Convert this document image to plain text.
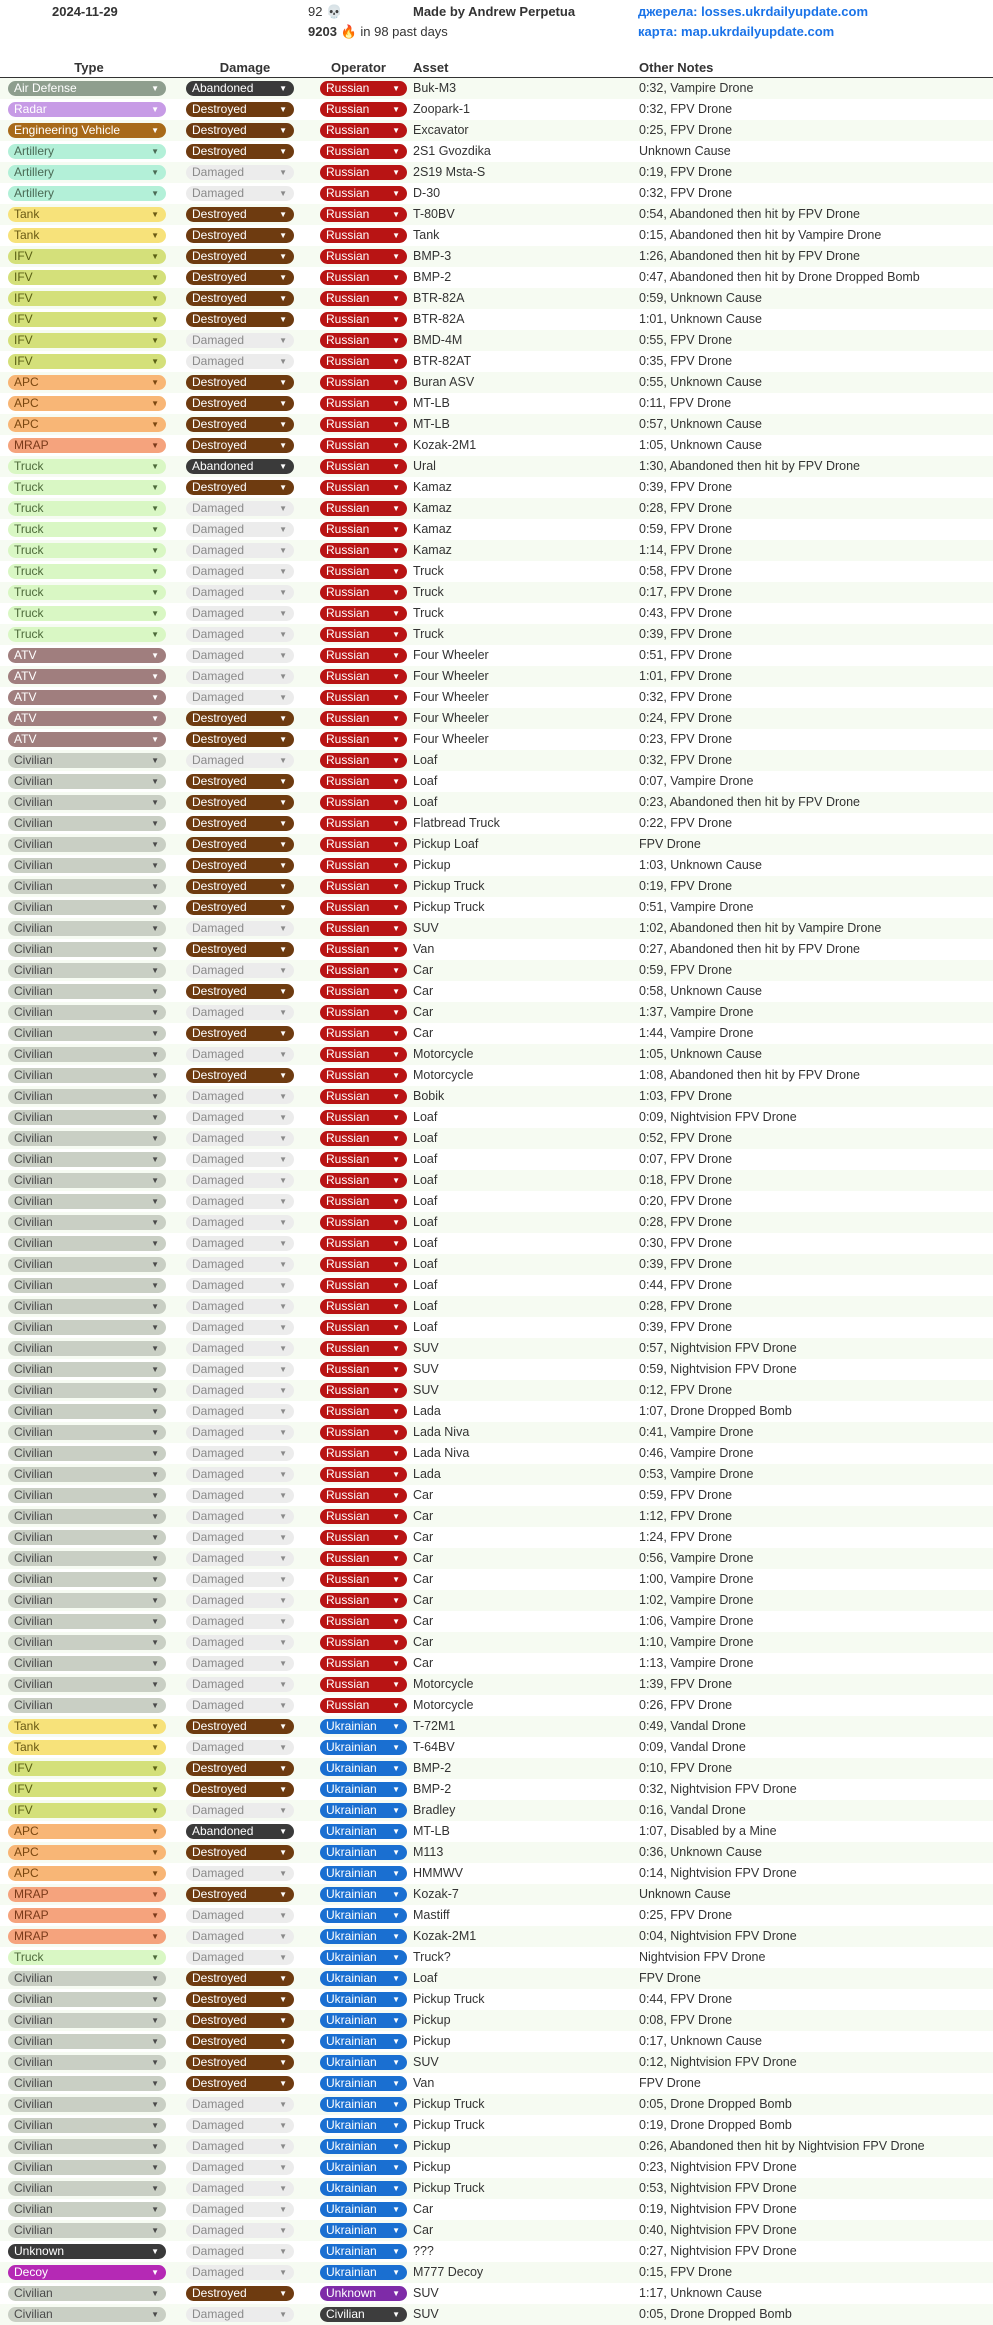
2024-11-29	92 💀	Made by Andrew Perpetua
9203 🔥 in 98 past days
джерела: losses.ukrdailyupdate.com
карта: map.ukrdailyupdate.com
Type	Damage	Operator	Asset	Other Notes
Air Defense	▼	Abandoned	▼	Russian	▼	Buk-M3	0:32, Vampire Drone
Radar	▼	Destroyed	▼	Russian	▼	Zoopark-1	0:32, FPV Drone
Engineering Vehicle	▼	Destroyed	▼	Russian	▼	Excavator	0:25, FPV Drone
Artillery	▼	Destroyed	▼	Russian	▼	2S1 Gvozdika	Unknown Cause
Artillery	▼	Damaged	▼	Russian	▼	2S19 Msta-S	0:19, FPV Drone
Artillery	▼	Damaged	▼	Russian	▼	D-30	0:32, FPV Drone
Tank	▼	Destroyed	▼	Russian	▼	T-80BV	0:54, Abandoned then hit by FPV Drone
Tank	▼	Destroyed	▼	Russian	▼	Tank	0:15, Abandoned then hit by Vampire Drone
IFV	▼	Destroyed	▼	Russian	▼	BMP-3	1:26, Abandoned then hit by FPV Drone
IFV	▼	Destroyed	▼	Russian	▼	BMP-2	0:47, Abandoned then hit by Drone Dropped Bomb
IFV	▼	Destroyed	▼	Russian	▼	BTR-82A	0:59, Unknown Cause
IFV	▼	Destroyed	▼	Russian	▼	BTR-82A	1:01, Unknown Cause
IFV	▼	Damaged	▼	Russian	▼	BMD-4M	0:55, FPV Drone
IFV	▼	Damaged	▼	Russian	▼	BTR-82AT	0:35, FPV Drone
APC	▼	Destroyed	▼	Russian	▼	Buran ASV	0:55, Unknown Cause
APC	▼	Destroyed	▼	Russian	▼	MT-LB	0:11, FPV Drone
APC	▼	Destroyed	▼	Russian	▼	MT-LB	0:57, Unknown Cause
MRAP	▼	Destroyed	▼	Russian	▼	Kozak-2M1	1:05, Unknown Cause
Truck	▼	Abandoned	▼	Russian	▼	Ural	1:30, Abandoned then hit by FPV Drone
Truck	▼	Destroyed	▼	Russian	▼	Kamaz	0:39, FPV Drone
Truck	▼	Damaged	▼	Russian	▼	Kamaz	0:28, FPV Drone
Truck	▼	Damaged	▼	Russian	▼	Kamaz	0:59, FPV Drone
Truck	▼	Damaged	▼	Russian	▼	Kamaz	1:14, FPV Drone
Truck	▼	Damaged	▼	Russian	▼	Truck	0:58, FPV Drone
Truck	▼	Damaged	▼	Russian	▼	Truck	0:17, FPV Drone
Truck	▼	Damaged	▼	Russian	▼	Truck	0:43, FPV Drone
Truck	▼	Damaged	▼	Russian	▼	Truck	0:39, FPV Drone
ATV	▼	Damaged	▼	Russian	▼	Four Wheeler	0:51, FPV Drone
ATV	▼	Damaged	▼	Russian	▼	Four Wheeler	1:01, FPV Drone
ATV	▼	Damaged	▼	Russian	▼	Four Wheeler	0:32, FPV Drone
ATV	▼	Destroyed	▼	Russian	▼	Four Wheeler	0:24, FPV Drone
ATV	▼	Destroyed	▼	Russian	▼	Four Wheeler	0:23, FPV Drone
Civilian	▼	Damaged	▼	Russian	▼	Loaf	0:32, FPV Drone
Civilian	▼	Destroyed	▼	Russian	▼	Loaf	0:07, Vampire Drone
Civilian	▼	Destroyed	▼	Russian	▼	Loaf	0:23, Abandoned then hit by FPV Drone
Civilian	▼	Destroyed	▼	Russian	▼	Flatbread Truck	0:22, FPV Drone
Civilian	▼	Destroyed	▼	Russian	▼	Pickup Loaf	FPV Drone
Civilian	▼	Destroyed	▼	Russian	▼	Pickup	1:03, Unknown Cause
Civilian	▼	Destroyed	▼	Russian	▼	Pickup Truck	0:19, FPV Drone
Civilian	▼	Destroyed	▼	Russian	▼	Pickup Truck	0:51, Vampire Drone
Civilian	▼	Damaged	▼	Russian	▼	SUV	1:02, Abandoned then hit by Vampire Drone
Civilian	▼	Destroyed	▼	Russian	▼	Van	0:27, Abandoned then hit by FPV Drone
Civilian	▼	Damaged	▼	Russian	▼	Car	0:59, FPV Drone
Civilian	▼	Destroyed	▼	Russian	▼	Car	0:58, Unknown Cause
Civilian	▼	Damaged	▼	Russian	▼	Car	1:37, Vampire Drone
Civilian	▼	Destroyed	▼	Russian	▼	Car	1:44, Vampire Drone
Civilian	▼	Damaged	▼	Russian	▼	Motorcycle	1:05, Unknown Cause
Civilian	▼	Destroyed	▼	Russian	▼	Motorcycle	1:08, Abandoned then hit by FPV Drone
Civilian	▼	Damaged	▼	Russian	▼	Bobik	1:03, FPV Drone
Civilian	▼	Damaged	▼	Russian	▼	Loaf	0:09, Nightvision FPV Drone
Civilian	▼	Damaged	▼	Russian	▼	Loaf	0:52, FPV Drone
Civilian	▼	Damaged	▼	Russian	▼	Loaf	0:07, FPV Drone
Civilian	▼	Damaged	▼	Russian	▼	Loaf	0:18, FPV Drone
Civilian	▼	Damaged	▼	Russian	▼	Loaf	0:20, FPV Drone
Civilian	▼	Damaged	▼	Russian	▼	Loaf	0:28, FPV Drone
Civilian	▼	Damaged	▼	Russian	▼	Loaf	0:30, FPV Drone
Civilian	▼	Damaged	▼	Russian	▼	Loaf	0:39, FPV Drone
Civilian	▼	Damaged	▼	Russian	▼	Loaf	0:44, FPV Drone
Civilian	▼	Damaged	▼	Russian	▼	Loaf	0:28, FPV Drone
Civilian	▼	Damaged	▼	Russian	▼	Loaf	0:39, FPV Drone
Civilian	▼	Damaged	▼	Russian	▼	SUV	0:57, Nightvision FPV Drone
Civilian	▼	Damaged	▼	Russian	▼	SUV	0:59, Nightvision FPV Drone
Civilian	▼	Damaged	▼	Russian	▼	SUV	0:12, FPV Drone
Civilian	▼	Damaged	▼	Russian	▼	Lada	1:07, Drone Dropped Bomb
Civilian	▼	Damaged	▼	Russian	▼	Lada Niva	0:41, Vampire Drone
Civilian	▼	Damaged	▼	Russian	▼	Lada Niva	0:46, Vampire Drone
Civilian	▼	Damaged	▼	Russian	▼	Lada	0:53, Vampire Drone
Civilian	▼	Damaged	▼	Russian	▼	Car	0:59, FPV Drone
Civilian	▼	Damaged	▼	Russian	▼	Car	1:12, FPV Drone
Civilian	▼	Damaged	▼	Russian	▼	Car	1:24, FPV Drone
Civilian	▼	Damaged	▼	Russian	▼	Car	0:56, Vampire Drone
Civilian	▼	Damaged	▼	Russian	▼	Car	1:00, Vampire Drone
Civilian	▼	Damaged	▼	Russian	▼	Car	1:02, Vampire Drone
Civilian	▼	Damaged	▼	Russian	▼	Car	1:06, Vampire Drone
Civilian	▼	Damaged	▼	Russian	▼	Car	1:10, Vampire Drone
Civilian	▼	Damaged	▼	Russian	▼	Car	1:13, Vampire Drone
Civilian	▼	Damaged	▼	Russian	▼	Motorcycle	1:39, FPV Drone
Civilian	▼	Damaged	▼	Russian	▼	Motorcycle	0:26, FPV Drone
Tank	▼	Destroyed	▼	Ukrainian ▼	T-72M1	0:49, Vandal Drone
Tank	▼	Damaged	▼	Ukrainian ▼	T-64BV	0:09, Vandal Drone
IFV	▼	Destroyed	▼	Ukrainian ▼	BMP-2	0:10, FPV Drone
IFV	▼	Destroyed	▼	Ukrainian ▼	BMP-2	0:32, Nightvision FPV Drone
IFV	▼	Damaged	▼	Ukrainian ▼	Bradley	0:16, Vandal Drone
APC	▼	Abandoned	▼	Ukrainian ▼	MT-LB	1:07, Disabled by a Mine
APC	▼	Destroyed	▼	Ukrainian ▼	M113	0:36, Unknown Cause
APC	▼	Damaged	▼	Ukrainian ▼	HMMWV	0:14, Nightvision FPV Drone
MRAP	▼	Destroyed	▼	Ukrainian ▼	Kozak-7	Unknown Cause
MRAP	▼	Damaged	▼	Ukrainian ▼	Mastiff	0:25, FPV Drone
MRAP	▼	Damaged	▼	Ukrainian ▼	Kozak-2M1	0:04, Nightvision FPV Drone
Truck	▼	Damaged	▼	Ukrainian ▼	Truck?	Nightvision FPV Drone
Civilian	▼	Destroyed	▼	Ukrainian ▼	Loaf	FPV Drone
Civilian	▼	Destroyed	▼	Ukrainian ▼	Pickup Truck	0:44, FPV Drone
Civilian	▼	Destroyed	▼	Ukrainian ▼	Pickup	0:08, FPV Drone
Civilian	▼	Destroyed	▼	Ukrainian ▼	Pickup	0:17, Unknown Cause
Civilian	▼	Destroyed	▼	Ukrainian ▼	SUV	0:12, Nightvision FPV Drone
Civilian	▼	Destroyed	▼	Ukrainian ▼	Van	FPV Drone
Civilian	▼	Damaged	▼	Ukrainian ▼	Pickup Truck	0:05, Drone Dropped Bomb
Civilian	▼	Damaged	▼	Ukrainian ▼	Pickup Truck	0:19, Drone Dropped Bomb
Civilian	▼	Damaged	▼	Ukrainian ▼	Pickup	0:26, Abandoned then hit by Nightvision FPV Drone
Civilian	▼	Damaged	▼	Ukrainian ▼	Pickup	0:23, Nightvision FPV Drone
Civilian	▼	Damaged	▼	Ukrainian ▼	Pickup Truck	0:53, Nightvision FPV Drone
Civilian	▼	Damaged	▼	Ukrainian ▼	Car	0:19, Nightvision FPV Drone
Civilian	▼	Damaged	▼	Ukrainian ▼	Car	0:40, Nightvision FPV Drone
Unknown	▼	Damaged	▼	Ukrainian ▼	???	0:27, Nightvision FPV Drone
Decoy	▼	Damaged	▼	Ukrainian ▼	M777 Decoy	0:15, FPV Drone
Civilian	▼	Destroyed	▼	Unknown ▼	SUV	1:17, Unknown Cause
Civilian	▼	Damaged	▼	Civilian	▼	SUV	0:05, Drone Dropped Bomb
